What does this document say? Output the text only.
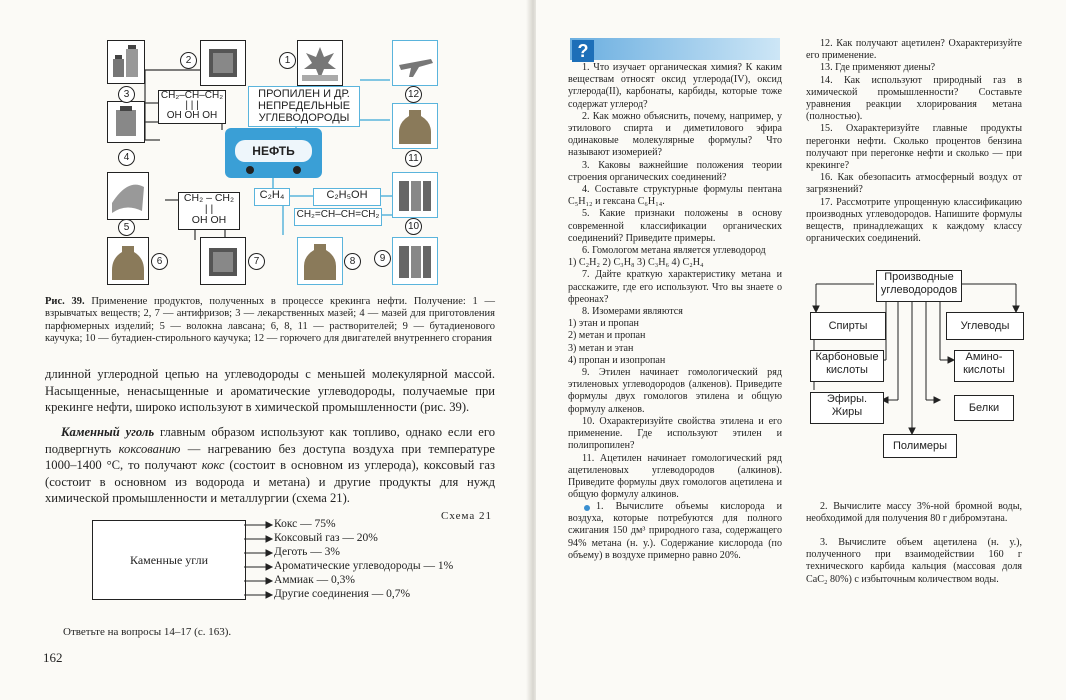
НЕФТЬ
ПРОПИЛЕН И ДР.
НЕПРЕДЕЛЬНЫЕ
УГЛЕВОДОРОДЫ
CH₂–CH–CH₂
| | |
OH OH OH
CH₂ – CH₂
| |
OH OH
C₂H₄	C₂H₅OH
CH₂=CH–CH=CH₂
1
2
3
4
5
6	7	8	9
10
11
12
Рис. 39. Применение продуктов, полученных в процессе крекинга нефти. Получение: 1 — взрывчатых веществ; 2, 7 — антифризов; 3 — лекарственных мазей; 4 — мазей для приготовления парфюмерных изделий; 5 — волокна лавсана; 6, 8, 11 — растворителей; 9 — бутадиенового каучука; 10 — бутадиен-стирольного каучука; 12 — горючего для двигателей внутреннего сгорания
длинной углеродной цепью на углеводороды с меньшей молекулярной массой. Насыщенные, ненасыщенные и ароматические углеводороды, получаемые при крекинге нефти, широко используют в химической промышленности (рис. 39).
Каменный уголь главным образом используют как топливо, однако если его подвергнуть коксованию — нагреванию без доступа воздуха при температуре 1000–1400 °C, то получают кокс (состоит в основном из углерода), коксовый газ (состоит в основном из водорода и метана) и другие продукты для нужд химической промышленности и металлургии (схема 21).
Схема 21
Каменные угли
Кокс — 75%
Коксовый газ — 20%
Деготь — 3%
Ароматические углеводороды — 1%
Аммиак — 0,3%
Другие соединения — 0,7%
Ответьте на вопросы 14–17 (с. 163).
162
?

1. Что изучает органическая химия? К каким веществам относят оксид углерода(IV), оксид углерода(II), карбонаты, карбиды, которые тоже содержат углерод?

2. Как можно объяснить, почему, например, у этилового спирта и диметилового эфира одинаковые молекулярные формулы? Что называют изомерией?

3. Каковы важнейшие положения теории строения органических соединений?

4. Составьте структурные формулы пентана C₅H₁₂ и гексана C₆H₁₄.

5. Какие признаки положены в основу современной классификации органических соединений? Приведите примеры.

6. Гомологом метана является углеводород

1) C₂H₂ 2) C₃H₈ 3) C₃H₆ 4) C₂H₄

7. Дайте краткую характеристику метана и расскажите, где его используют. Что вы знаете о фреонах?

8. Изомерами являются

1) этан и пропан

2) метан и пропан

3) метан и этан

4) пропан и изопропан

9. Этилен начинает гомологический ряд этиленовых углеводородов (алкенов). Приведите формулы двух гомологов этилена и общую формулу алкенов.

10. Охарактеризуйте свойства этилена и его применение. Где используют этилен и полипропилен?

11. Ацетилен начинает гомологический ряд ацетиленовых углеводородов (алкинов). Приведите формулы двух гомологов ацетилена и общую формулу алкинов.

12. Как получают ацетилен? Охарактеризуйте его применение.

13. Где применяют диены?

14. Как используют природный газ в химической промышленности? Составьте уравнения реакции хлорирования метана (полностью).

15. Охарактеризуйте главные продукты перегонки нефти. Сколько процентов бензина получают при перегонке нефти и сколько — при крекинге?

16. Как обезопасить атмосферный воздух от загрязнений?

17. Рассмотрите упрощенную классификацию производных углеводородов. Напишите формулы веществ, принадлежащих к каждому классу органических соединений.

Производные
углеводородов
Спирты	Углеводы
Карбоновые
кислоты
Амино-
кислоты
Эфиры.
Жиры	Белки
Полимеры
1. Вычислите объемы кислорода и воздуха, которые потребуются для полного сжигания 150 дм³ природного газа, содержащего 94% метана (н. у.). Содержание кислорода (по объему) в воздухе примерно равно 20%.
2. Вычислите массу 3%-ной бромной воды, необходимой для получения 80 г дибромэтана.
3. Вычислите объем ацетилена (н. у.), полученного при взаимодействии 160 г технического карбида кальция (массовая доля CaC₂ 80%) с избыточным количеством воды.
